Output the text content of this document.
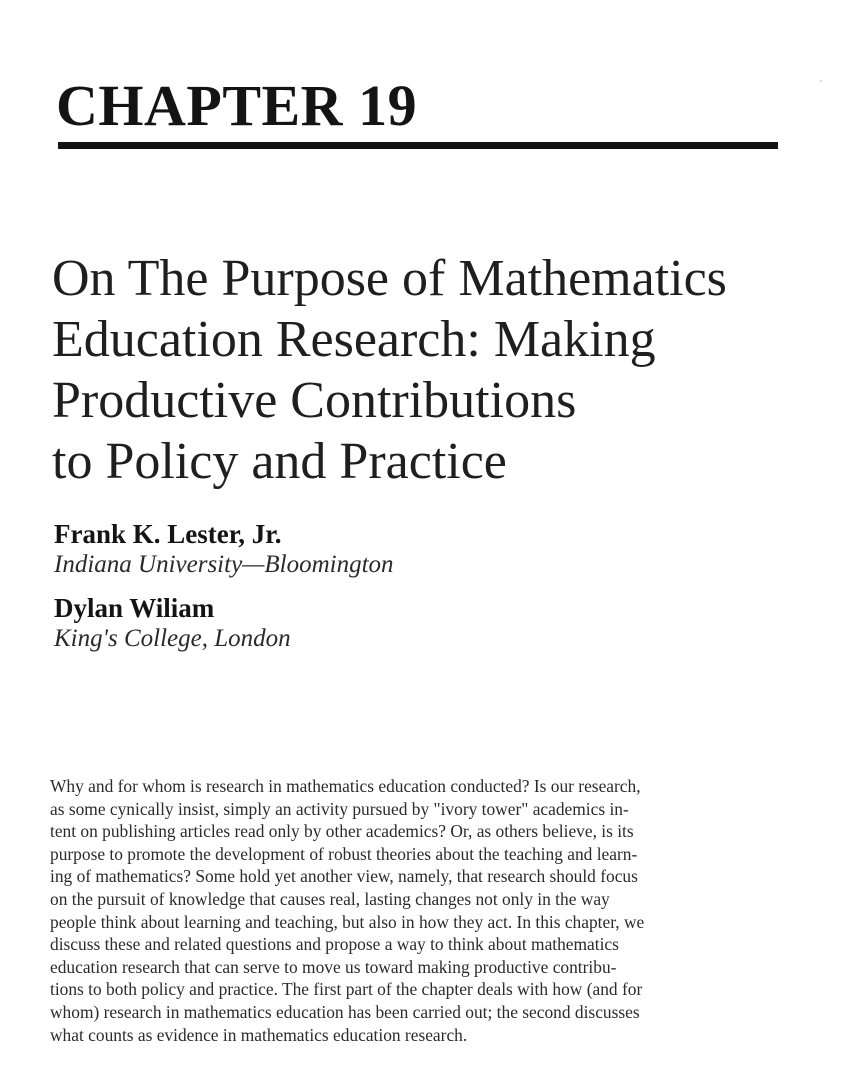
CHAPTER 19
On The Purpose of Mathematics
Education Research: Making
Productive Contributions
to Policy and Practice

Frank K. Lester, Jr.

Indiana University—Bloomington

Dylan Wiliam

King's College, London

Why and for whom is research in mathematics education conducted? Is our research,
as some cynically insist, simply an activity pursued by "ivory tower" academics in-
tent on publishing articles read only by other academics? Or, as others believe, is its
purpose to promote the development of robust theories about the teaching and learn-
ing of mathematics? Some hold yet another view, namely, that research should focus
on the pursuit of knowledge that causes real, lasting changes not only in the way
people think about learning and teaching, but also in how they act. In this chapter, we
discuss these and related questions and propose a way to think about mathematics
education research that can serve to move us toward making productive contribu-
tions to both policy and practice. The first part of the chapter deals with how (and for
whom) research in mathematics education has been carried out; the second discusses
what counts as evidence in mathematics education research.
